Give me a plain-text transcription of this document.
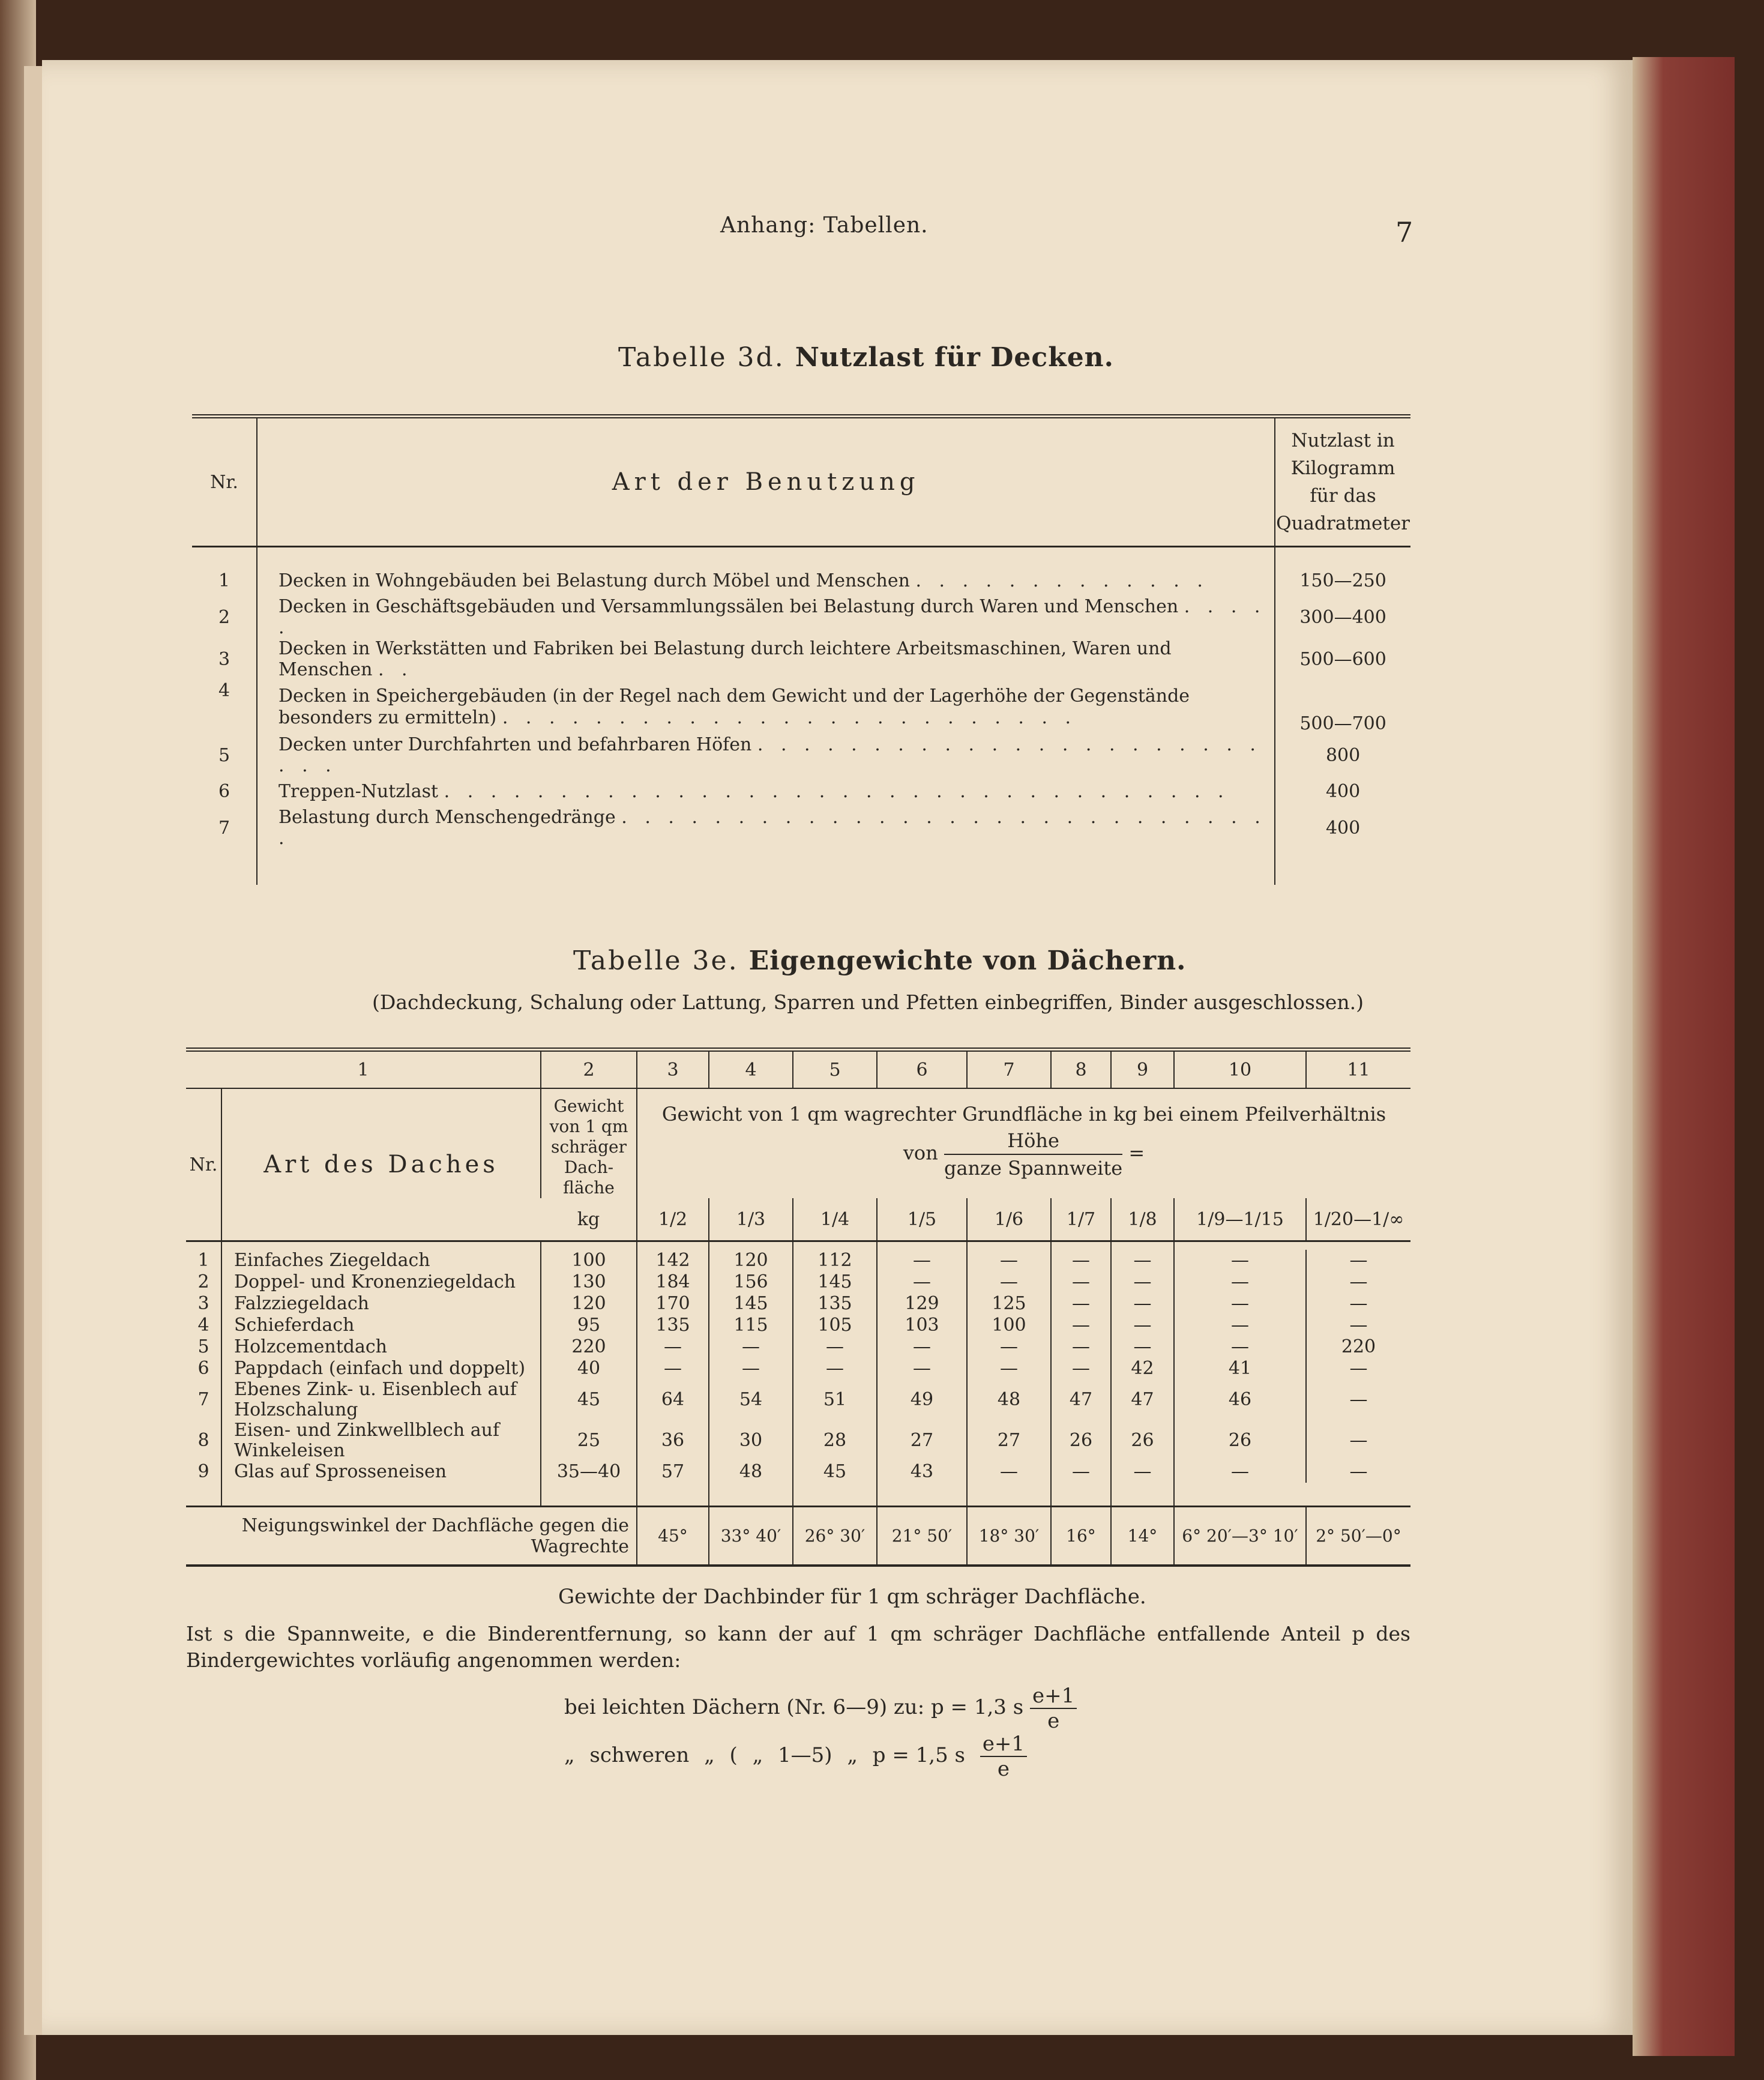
Anhang: Tabellen.	7
Tabelle 3d. Nutzlast für Decken.
Nr.	Art der Benutzung	Nutzlast in
Kilogramm
für das
Quadratmeter

1	Decken in Wohngebäuden bei Belastung durch Möbel und Menschen . . . . . . . . . . . . .	150—250
2	Decken in Geschäftsgebäuden und Versammlungssälen bei Belastung durch Waren und Menschen . . . . .	300—400
3	Decken in Werkstätten und Fabriken bei Belastung durch leichtere Arbeitsmaschinen, Waren und Menschen . .	500—600
4	Decken in Speichergebäuden (in der Regel nach dem Gewicht und der Lagerhöhe der Gegenstände besonders zu ermitteln) . . . . . . . . . . . . . . . . . . . . . . . . .	500—700
5	Decken unter Durchfahrten und befahrbaren Höfen . . . . . . . . . . . . . . . . . . . . . . . . .	800
6	Treppen-Nutzlast . . . . . . . . . . . . . . . . . . . . . . . . . . . . . . . . . .	400
7	Belastung durch Menschengedränge . . . . . . . . . . . . . . . . . . . . . . . . . . . . .	400

Tabelle 3e. Eigengewichte von Dächern.
(Dachdeckung, Schalung oder Lattung, Sparren und Pfetten einbegriffen, Binder ausgeschlossen.)
1		2	3	4	5	6	7	8	9	10	11
Nr.	Art des Daches	Gewicht von 1 qm schräger Dach-fläche	Gewicht von 1 qm wagrechter Grundfläche in kg bei einem Pfeilverhältnis
von $\frac{\text{Höhe}}{\text{ganze Spannweite}}$ =								

		kg	1/2	1/3	1/4	1/5	1/6	1/7	1/8	1/9—1/15	1/20—1/∞

1	Einfaches Ziegeldach	100	142	120	112	—	—	—	—	—	—
2	Doppel- und Kronenziegeldach	130	184	156	145	—	—	—	—	—	—
3	Falzziegeldach	120	170	145	135	129	125	—	—	—	—
4	Schieferdach	95	135	115	105	103	100	—	—	—	—
5	Holzcementdach	220	—	—	—	—	—	—	—	—	220
6	Pappdach (einfach und doppelt)	40	—	—	—	—	—	—	42	41	—
7	Ebenes Zink- u. Eisenblech auf Holzschalung	45	64	54	51	49	48	47	47	46	—
8	Eisen- und Zinkwellblech auf Winkeleisen	25	36	30	28	27	27	26	26	26	—
9	Glas auf Sprosseneisen	35—40	57	48	45	43	—	—	—	—	—

Neigungswinkel der Dachfläche gegen die Wagrechte			45°	33° 40′	26° 30′	21° 50′	18° 30′	16°	14°	6° 20′—3° 10′	2° 50′—0°
Gewichte der Dachbinder für 1 qm schräger Dachfläche.
Ist s die Spannweite, e die Binderentfernung, so kann der auf 1 qm schräger Dachfläche entfallende Anteil p des Bindergewichtes vorläufig angenommen werden:
bei leichten Dächern (Nr. 6—9) zu: p = 1,3 s $\frac{e+1}{e}$
„ schweren „ ( „ 1—5) „ p = 1,5 s $\frac{e+1}{e}$
